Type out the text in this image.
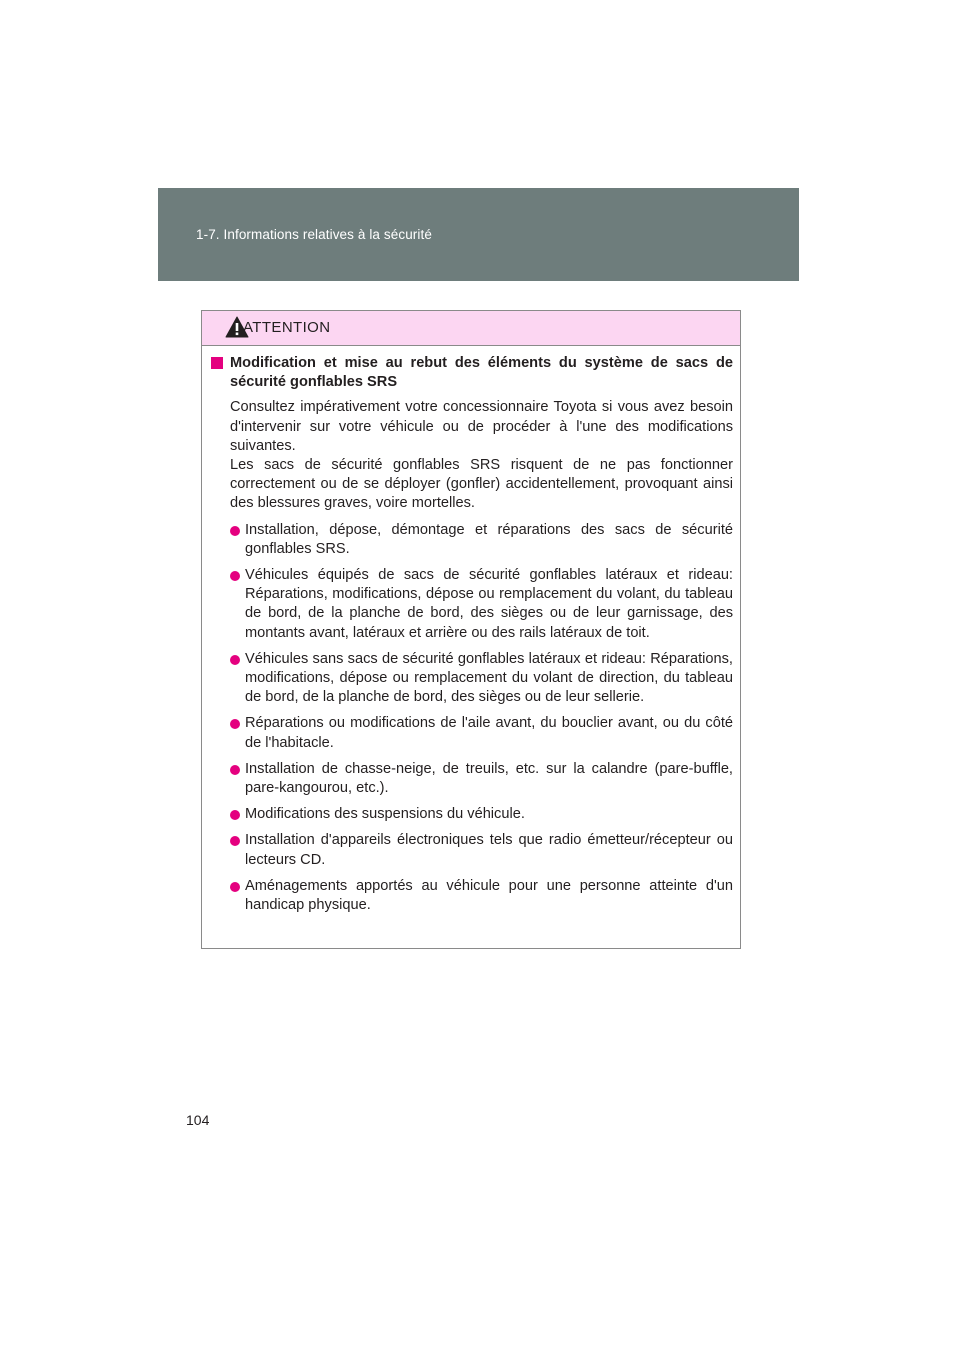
1-7. Informations relatives à la sécurité
ATTENTION
Modification et mise au rebut des éléments du système de sacs de sécurité gonflables SRS
Consultez impérativement votre concessionnaire Toyota si vous avez besoin d'intervenir sur votre véhicule ou de procéder à l'une des modifications suivantes.
Les sacs de sécurité gonflables SRS risquent de ne pas fonctionner correctement ou de se déployer (gonfler) accidentellement, provoquant ainsi des blessures graves, voire mortelles.
Installation, dépose, démontage et réparations des sacs de sécurité gonflables SRS.
Véhicules équipés de sacs de sécurité gonflables latéraux et rideau: Réparations, modifications, dépose ou remplacement du volant, du tableau de bord, de la planche de bord, des sièges ou de leur garnissage, des montants avant, latéraux et arrière ou des rails latéraux de toit.
Véhicules sans sacs de sécurité gonflables latéraux et rideau: Réparations, modifications, dépose ou remplacement du volant de direction, du tableau de bord, de la planche de bord, des sièges ou de leur sellerie.
Réparations ou modifications de l'aile avant, du bouclier avant, ou du côté de l'habitacle.
Installation de chasse-neige, de treuils, etc. sur la calandre (pare-buffle, pare-kangourou, etc.).
Modifications des suspensions du véhicule.
Installation d'appareils électroniques tels que radio émetteur/récepteur ou lecteurs CD.
Aménagements apportés au véhicule pour une personne atteinte d'un handicap physique.
104
